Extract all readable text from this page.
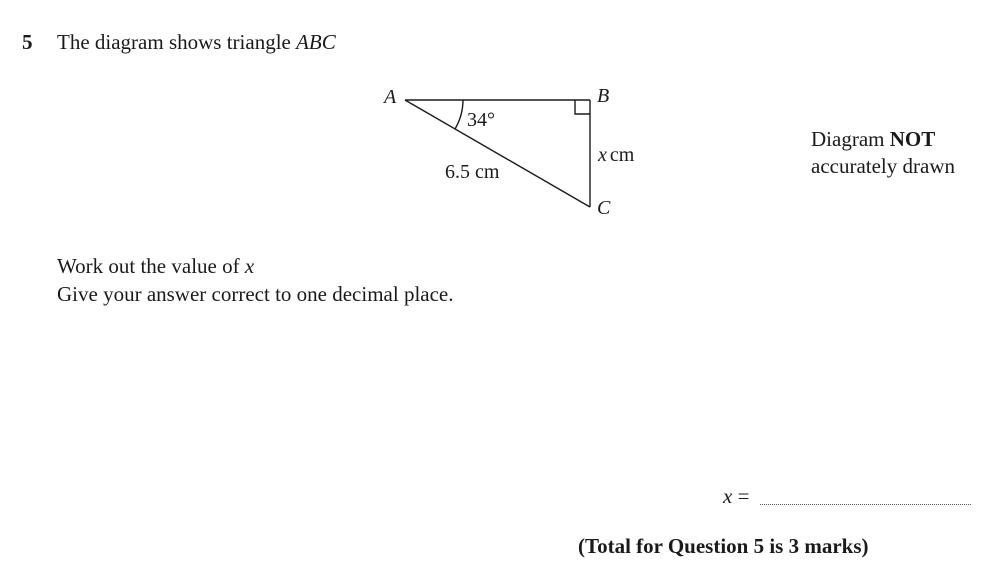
5 The diagram shows triangle ABC
A	B
C
34°
6.5 cm
x cm
Diagram NOT
accurately drawn
Work out the value of x
Give your answer correct to one decimal place.
x =
(Total for Question 5 is 3 marks)
